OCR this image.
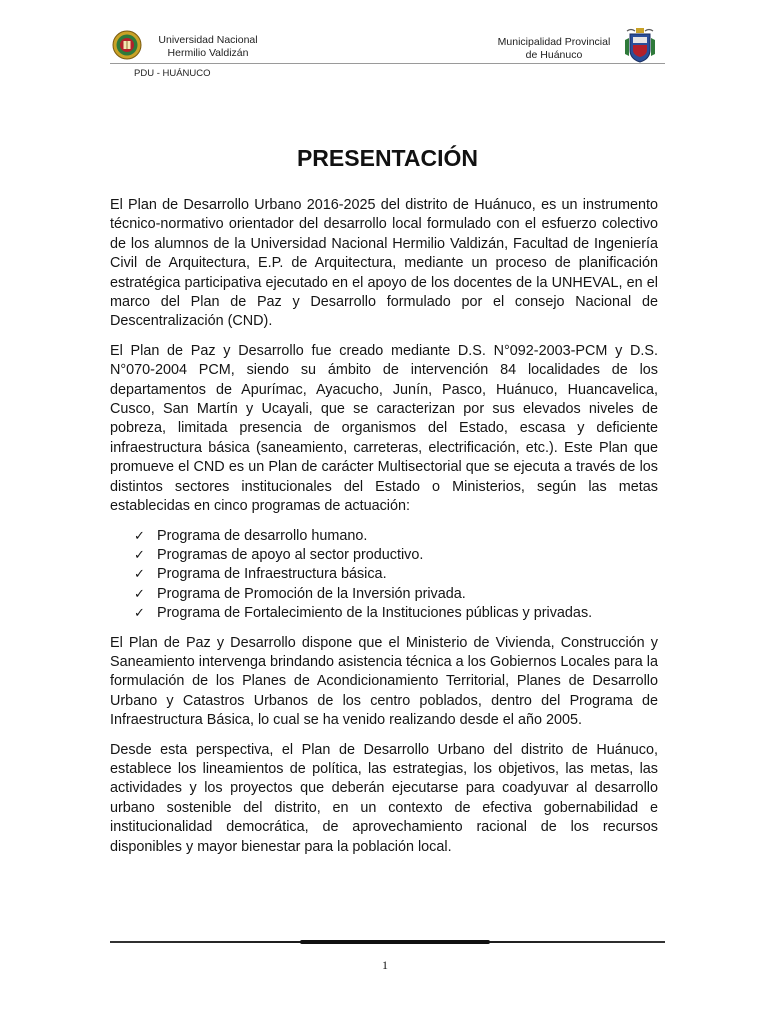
Universidad Nacional
Hermilio Valdizán
Municipalidad Provincial
de Huánuco
PDU - HUÁNUCO
PRESENTACIÓN

El Plan de Desarrollo Urbano 2016-2025 del distrito de Huánuco, es un instrumento técnico-normativo orientador del desarrollo local formulado con el esfuerzo colectivo de los alumnos de la Universidad Nacional Hermilio Valdizán, Facultad de Ingeniería Civil de Arquitectura, E.P. de Arquitectura, mediante un proceso de planificación estratégica participativa ejecutado en el apoyo de los docentes de la UNHEVAL, en el marco del Plan de Paz y Desarrollo formulado por el consejo Nacional de Descentralización (CND).

El Plan de Paz y Desarrollo fue creado mediante D.S. N°092-2003-PCM y D.S. N°070-2004 PCM, siendo su ámbito de intervención 84 localidades de los departamentos de Apurímac, Ayacucho, Junín, Pasco, Huánuco, Huancavelica, Cusco, San Martín y Ucayali, que se caracterizan por sus elevados niveles de pobreza, limitada presencia de organismos del Estado, escasa y deficiente infraestructura básica (saneamiento, carreteras, electrificación, etc.). Este Plan que promueve el CND es un Plan de carácter Multisectorial que se ejecuta a través de los distintos sectores institucionales del Estado o Ministerios, según las metas establecidas en cinco programas de actuación:

✓ Programa de desarrollo humano.
✓ Programas de apoyo al sector productivo.
✓ Programa de Infraestructura básica.
✓ Programa de Promoción de la Inversión privada.
✓ Programa de Fortalecimiento de la Instituciones públicas y privadas.

El Plan de Paz y Desarrollo dispone que el Ministerio de Vivienda, Construcción y Saneamiento intervenga brindando asistencia técnica a los Gobiernos Locales para la formulación de los Planes de Acondicionamiento Territorial, Planes de Desarrollo Urbano y Catastros Urbanos de los centro poblados, dentro del Programa de Infraestructura Básica, lo cual se ha venido realizando desde el año 2005.

Desde esta perspectiva, el Plan de Desarrollo Urbano del distrito de Huánuco, establece los lineamientos de política, las estrategias, los objetivos, las metas, las actividades y los proyectos que deberán ejecutarse para coadyuvar al desarrollo urbano sostenible del distrito, en un contexto de efectiva gobernabilidad e institucionalidad democrática, de aprovechamiento racional de los recursos disponibles y mayor bienestar para la población local.

1
